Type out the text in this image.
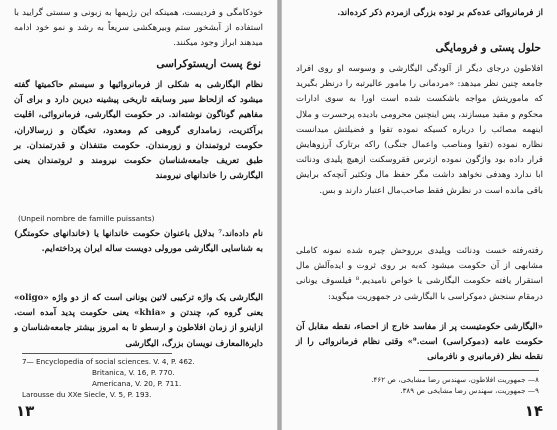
خودکامگی و فردیست، همینکه این رژیمها به زبونی و سستی گرایید با استفاده از آبشخور ستم وبیرهکشی سریعاً به رشد و نمو خود ادامه میدهند ابراز وجود میکنند.
نوع پست اریستوکراسی
نظام الیگارشی به شکلی از فرمانروائیها و سیستم حاکمیتها گفته میشود که ازلحاظ سیر وسابقه تاریخی پیشینه دیرین دارد و برای آن مفاهیم گوناگون نوشته‌اند. در حکومت الیگارشی، فرمانروائی، اقلیت برآکتریت، زمامداری گروهی کم ومعدود، تخیگان و زرسالاران، حکومت ثروتمندان و زورمندان. حکومت متنفذان و قدرتمندان. بر طبق تعریف جامعه‌شناسان حکومت نیرومند و ثروتمندان یعنی الیگارشی را خاندانهای نیرومند
(Unpeil nombre de famille puissants)
نام داده‌اند.⁷ بدلایل باعنوان حکومت خاندانها یا (خاندانهای حکومتگر) به شناسایی الیگارشی مورولی دویست ساله ایران پرداخته‌ایم.
الیگارشی یک واژه ترکیبی لاتین یونانی است که از دو واژه «oligo» یعنی گروه کم، چندتن و «khia» یعنی حکومت پدید آمده است. ازاینرو از زمان افلاطون و ارسطو تا به امروز بیشتر جامعه‌شناسان و دایرة‌المعارف نویسان بزرگ، الیگارشی
7— Encyclopedia of social sciences. V. 4, P. 462.
Britanica, V. 16, P. 770.
Americana, V. 20, P. 711.
Larousse du XXe Siecle, V. 5, P. 193.
۱۳
از فرمانروائی عده‌کم بر توده بزرگی ازمردم ذکر کرده‌اند.
حلول پستی و فرومایگی
افلاطون درجای دیگر از آلودگی الیگارشی و وسوسه او روی افراد جامعه چنین نظر میدهد: «مردمانی را مامور عالیرتبه را درنظر بگیرید که ماموریتش مواجه باشکست شده است اورا به سوی ادارات محکوم و مقید میسازند، پس اینچنین محرومی بادیده پرحسرت و ملال اینهمه مصائب را درباره کسیکه نموده تقوا و فضیلتش میدانست نظاره نموده (تقوا ومناصب واعمال جنگی) راکه برتارک آرزوهایش قرار داده بود واژگون نموده ازترس فقروسکنت ازهیچ پلیدی ودنائت ابا ندارد وهدفی نخواهد داشت مگر حفظ مال وتکثیر آنچه‌که برایش باقی مانده است در نظرش فقط صاحب‌مال اعتبار دارند و بس.
رفته‌رفته خست ودنائت وپلیدی برروحش چیره شده نمونه کاملی مشابهی از آن حکومت میشود که‌به بر روی ثروت و ایده‌آلش مال استقرار یافته حکومت الیگارشی یا خواص نامیدیم.⁸ فیلسوف یونانی درمقام سنجش دموکراسی با الیگارشی در جمهوریت میگوید:
«الیگارشی حکومتیست پر از مفاسد خارج از احصاء، نقطه مقابل آن حکومت عامه (دموکراسی) است.⁹» وقتی نظام فرمانروائی را از نقطه نظر (فرمانبری و نافرمانی
۸— جمهوریت افلاطون، سهندس رضا مشایخی، ص ۴۶۲.
۹— جمهوریت، سهندس رضا مشایخی ص ۳۸۹.
۱۴
